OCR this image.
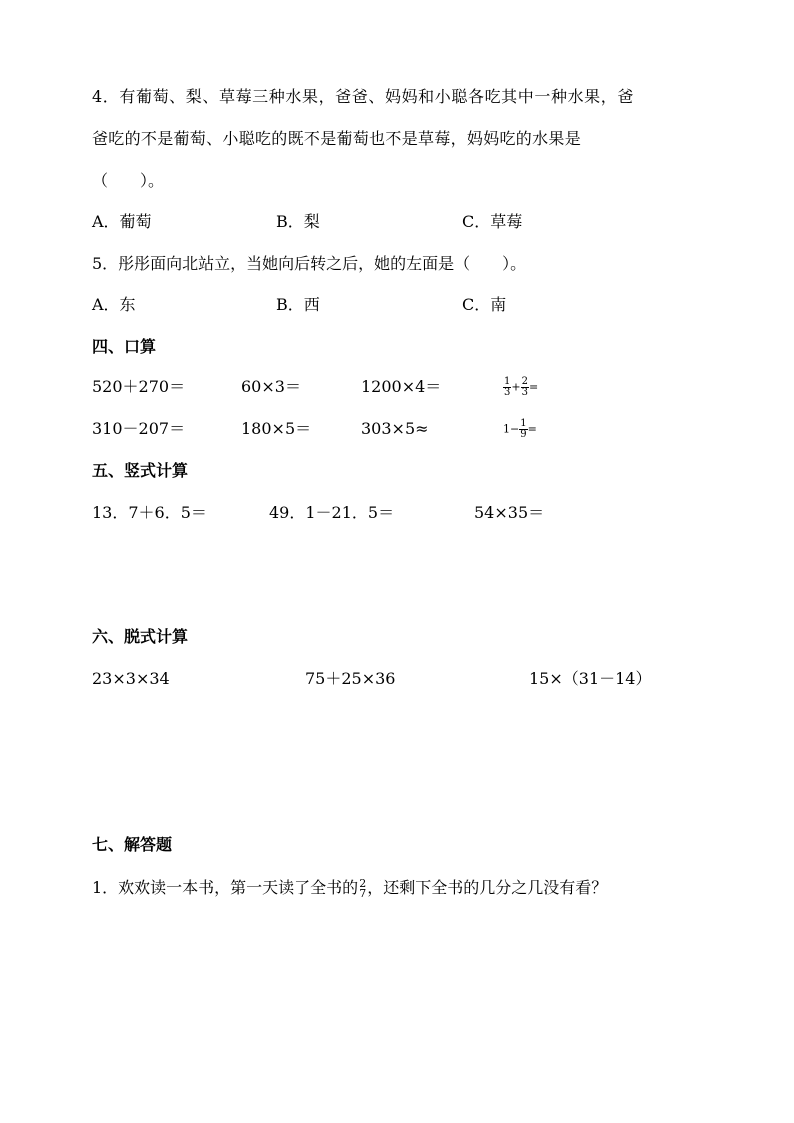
4．有葡萄、梨、草莓三种水果，爸爸、妈妈和小聪各吃其中一种水果，爸
爸吃的不是葡萄、小聪吃的既不是葡萄也不是草莓，妈妈吃的水果是
（　　）。
A．葡萄	B．梨	C．草莓
5．彤彤面向北站立，当她向后转之后，她的左面是（　　）。
A．东	B．西	C．南
四、口算
520＋270＝	60×3＝	1200×4＝	$\frac{1}{3} + \frac{2}{3}$ =
310－207＝	180×5＝	303×5≈	$1- \frac{1}{9}$ =
五、竖式计算
13．7＋6．5＝	49．1－21．5＝	54×35＝
六、脱式计算
23×3×34	75＋25×36	15×（31－14）
七、解答题
1．欢欢读一本书，第一天读了全书的 2
7 ，还剩下全书的几分之几没有看？
